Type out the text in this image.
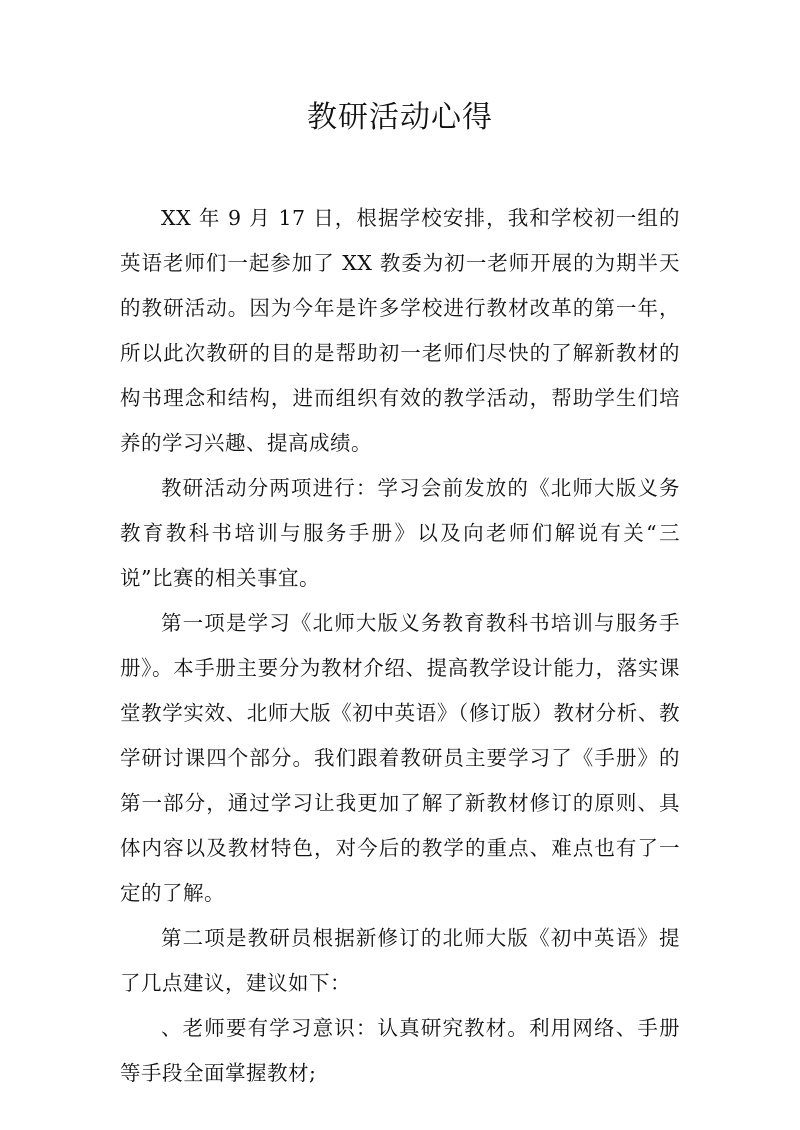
教研活动心得

XX 年 9 月 17 日，根据学校安排，我和学校初一组的英语老师们一起参加了 XX 教委为初一老师开展的为期半天的教研活动。因为今年是许多学校进行教材改革的第一年，所以此次教研的目的是帮助初一老师们尽快的了解新教材的构书理念和结构，进而组织有效的教学活动，帮助学生们培养的学习兴趣、提高成绩。

教研活动分两项进行：学习会前发放的《北师大版义务教育教科书培训与服务手册》以及向老师们解说有关“三说”比赛的相关事宜。

第一项是学习《北师大版义务教育教科书培训与服务手册》。本手册主要分为教材介绍、提高教学设计能力，落实课堂教学实效、北师大版《初中英语》（修订版）教材分析、教学研讨课四个部分。我们跟着教研员主要学习了《手册》的第一部分，通过学习让我更加了解了新教材修订的原则、具体内容以及教材特色，对今后的教学的重点、难点也有了一定的了解。

第二项是教研员根据新修订的北师大版《初中英语》提了几点建议，建议如下：

、老师要有学习意识：认真研究教材。利用网络、手册等手段全面掌握教材;
